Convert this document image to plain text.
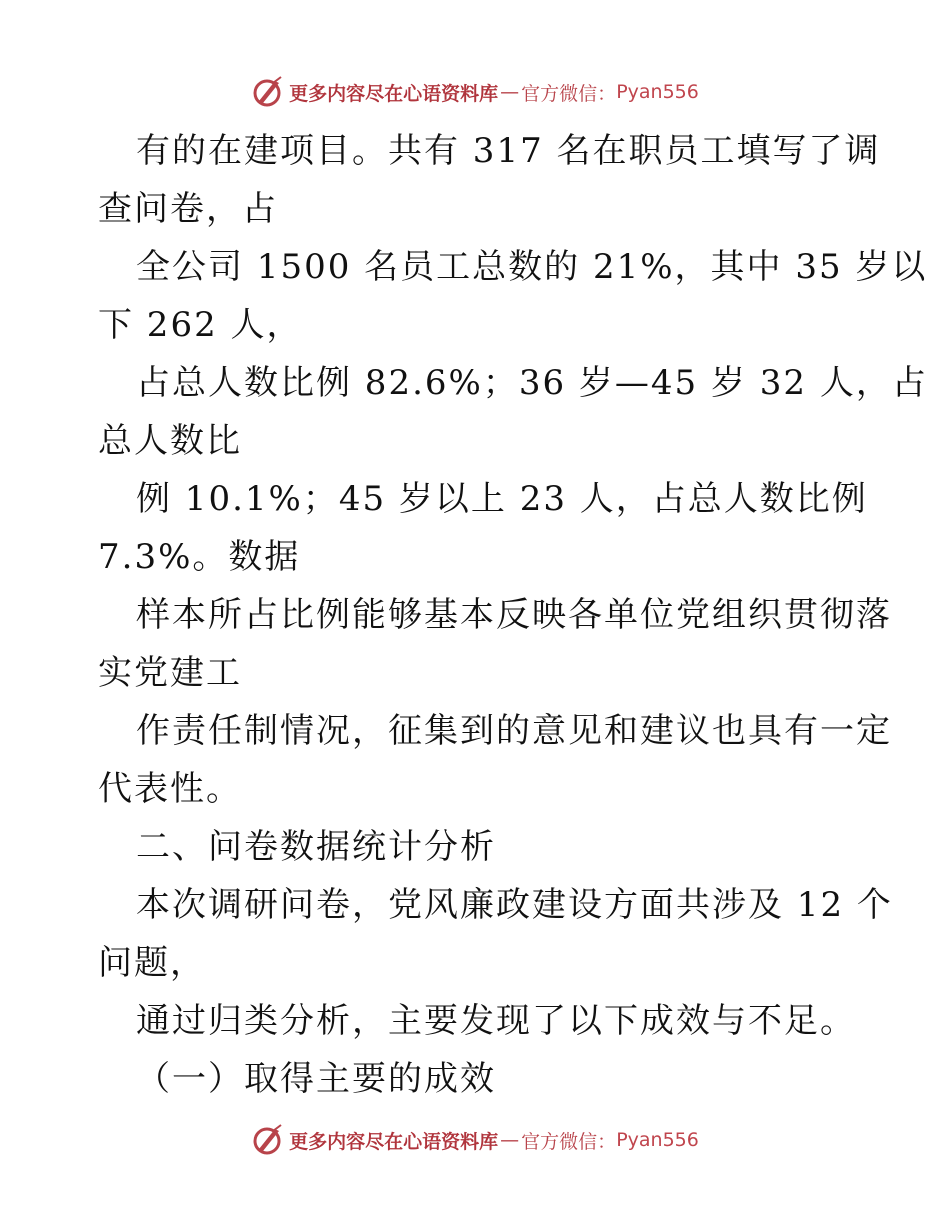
更多内容尽在心语资料库 — 官方微信： Pyan556

有的在建项目。共有 317 名在职员工填写了调
查问卷，占

全公司 1500 名员工总数的 21%，其中 35 岁以
下 262 人，

占总人数比例 82.6%；36 岁—45 岁 32 人，占
总人数比

例 10.1%；45 岁以上 23 人，占总人数比例
7.3%。数据

样本所占比例能够基本反映各单位党组织贯彻落
实党建工

作责任制情况，征集到的意见和建议也具有一定
代表性。

二、问卷数据统计分析

本次调研问卷，党风廉政建设方面共涉及 12 个
问题，

通过归类分析，主要发现了以下成效与不足。

（一）取得主要的成效

更多内容尽在心语资料库 — 官方微信： Pyan556
